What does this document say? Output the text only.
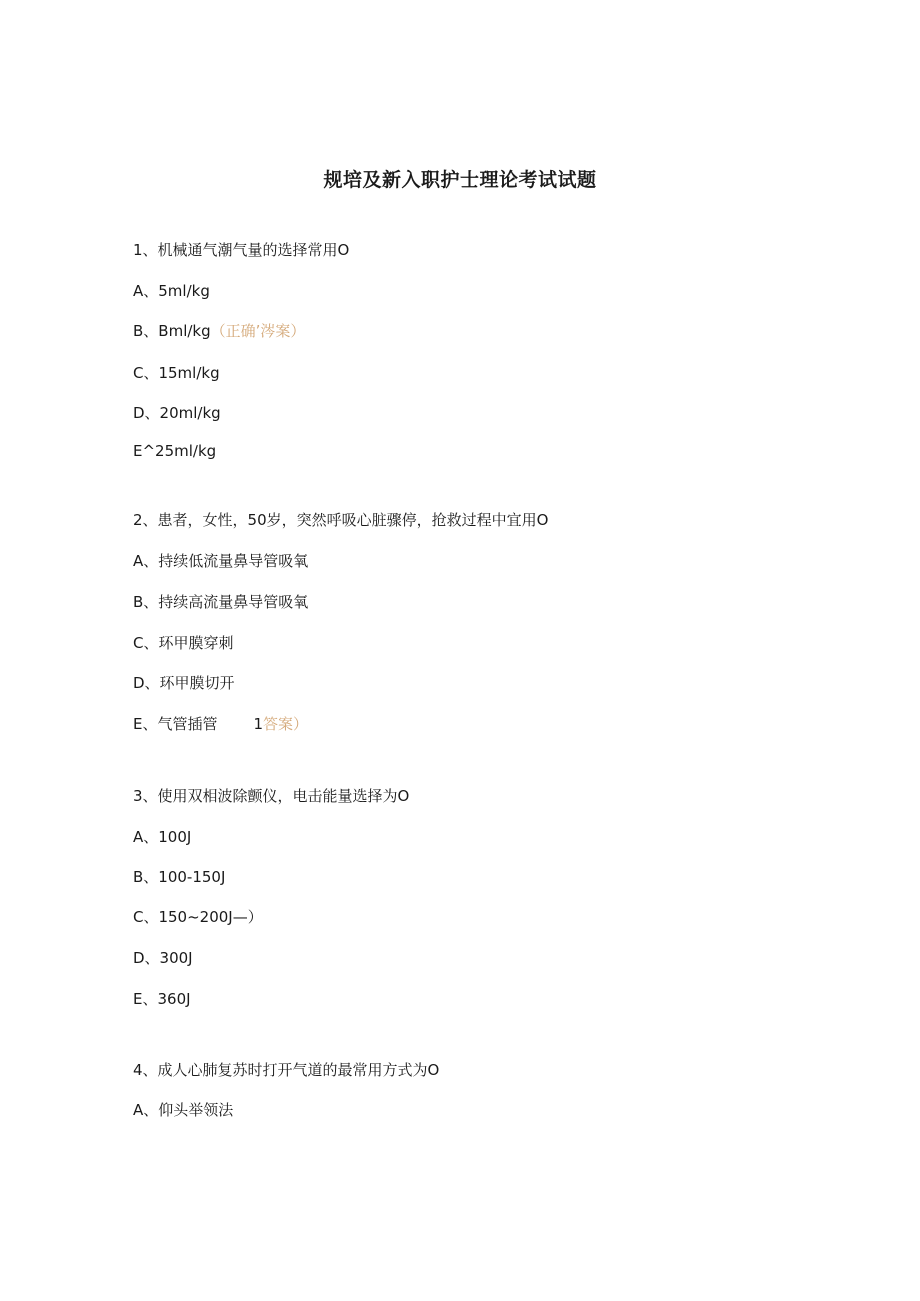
规培及新入职护士理论考试试题
1、机械通气潮气量的选择常用O
A、5ml/kg
B、Bml∕kg（正确’涔案）
C、15ml/kg
D、20ml/kg
E^25ml∕kg
2、患者，女性，50岁，突然呼吸心脏骤停，抢救过程中宜用O
A、持续低流量鼻导管吸氧
B、持续高流量鼻导管吸氧
C、环甲膜穿刺
D、环甲膜切开
E、气管插管 1答案）
3、使用双相波除颤仪，电击能量选择为O
A、100J
B、100-150J
C、150~200J—）
D、300J
E、360J
4、成人心肺复苏时打开气道的最常用方式为O
A、仰头举领法
